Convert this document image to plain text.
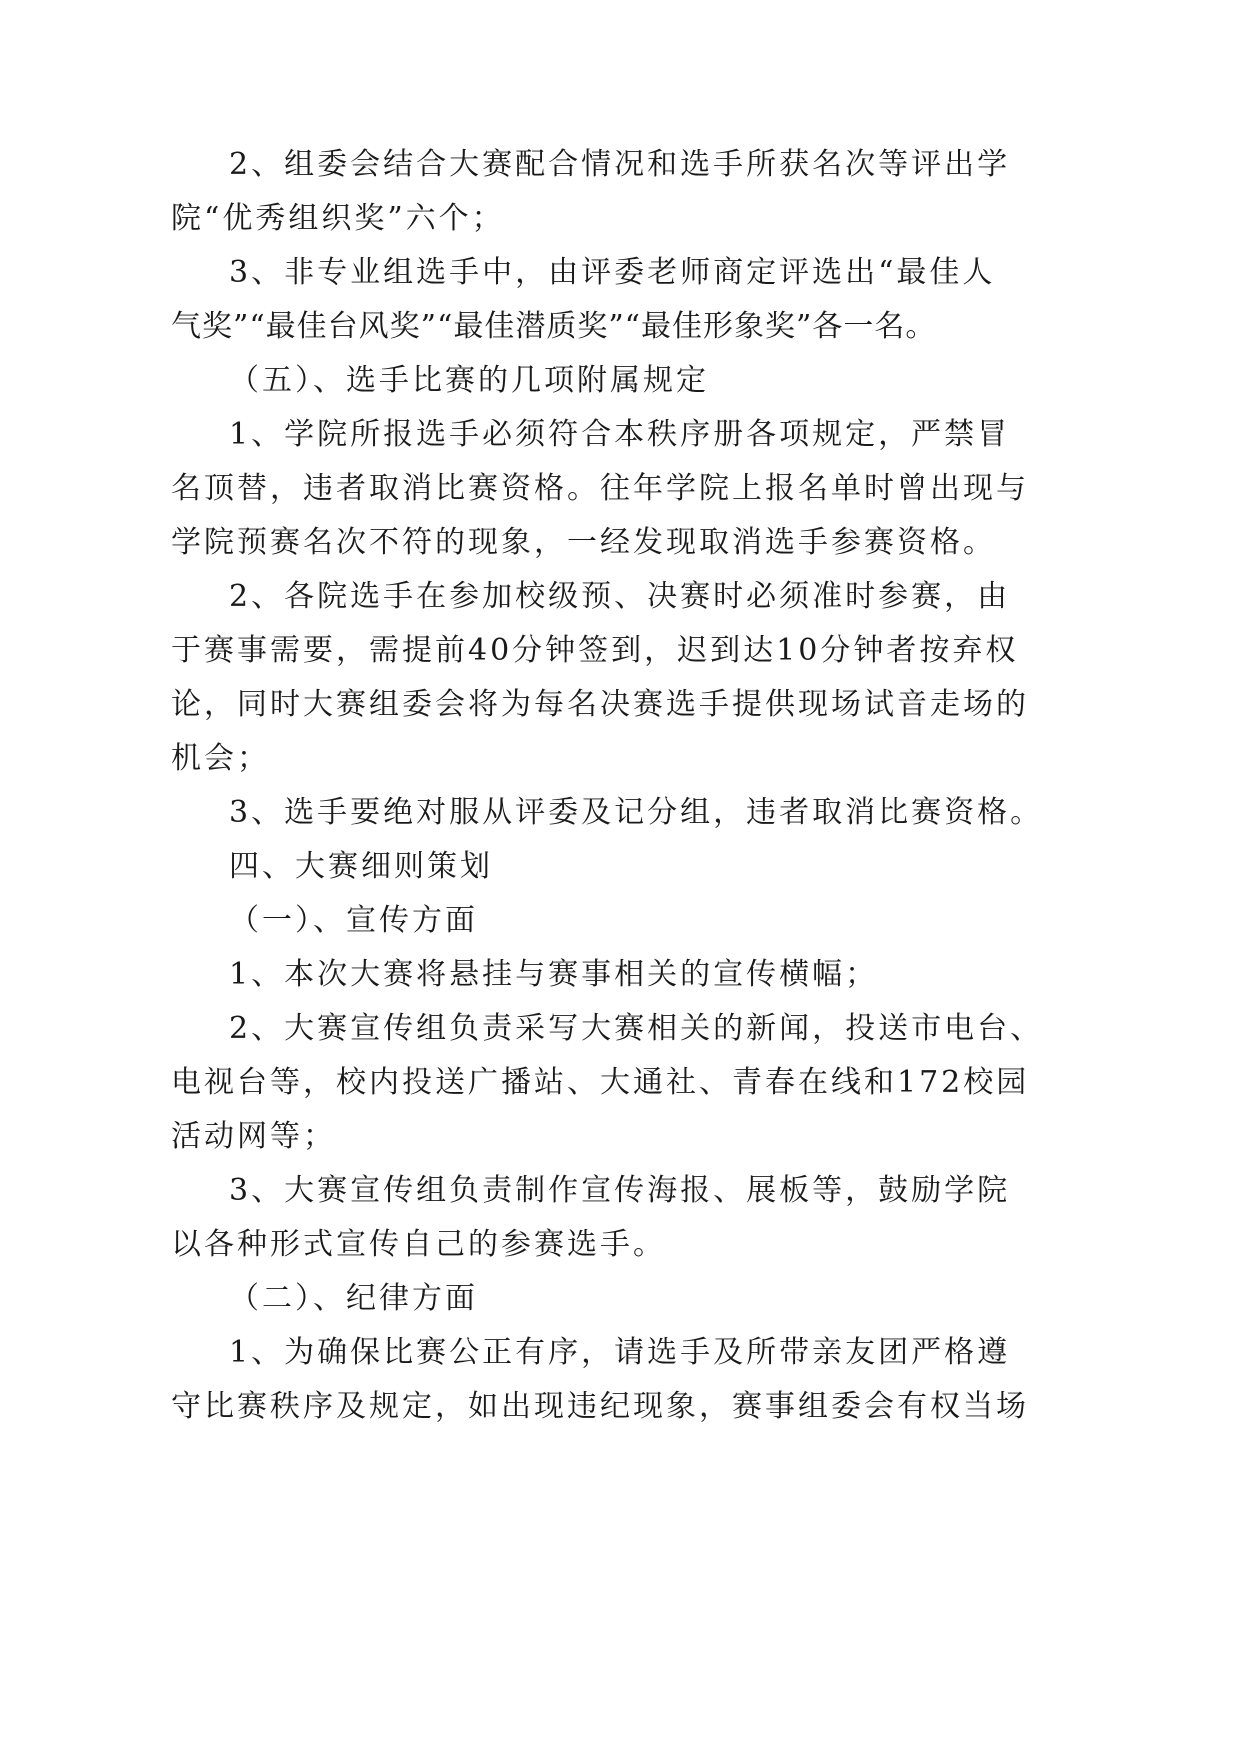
2、组委会结合大赛配合情况和选手所获名次等评出学
院“优秀组织奖”六个；
3、非专业组选手中，由评委老师商定评选出“最佳人
气奖”“最佳台风奖”“最佳潜质奖”“最佳形象奖”各一名。
（五）、选手比赛的几项附属规定
1、学院所报选手必须符合本秩序册各项规定，严禁冒
名顶替，违者取消比赛资格。往年学院上报名单时曾出现与
学院预赛名次不符的现象，一经发现取消选手参赛资格。
2、各院选手在参加校级预、决赛时必须准时参赛，由
于赛事需要，需提前40分钟签到，迟到达10分钟者按弃权
论，同时大赛组委会将为每名决赛选手提供现场试音走场的
机会；
3、选手要绝对服从评委及记分组，违者取消比赛资格。
四、大赛细则策划
（一）、宣传方面
1、本次大赛将悬挂与赛事相关的宣传横幅；
2、大赛宣传组负责采写大赛相关的新闻，投送市电台、
电视台等，校内投送广播站、大通社、青春在线和172校园
活动网等；
3、大赛宣传组负责制作宣传海报、展板等，鼓励学院
以各种形式宣传自己的参赛选手。
（二）、纪律方面
1、为确保比赛公正有序，请选手及所带亲友团严格遵
守比赛秩序及规定，如出现违纪现象，赛事组委会有权当场
